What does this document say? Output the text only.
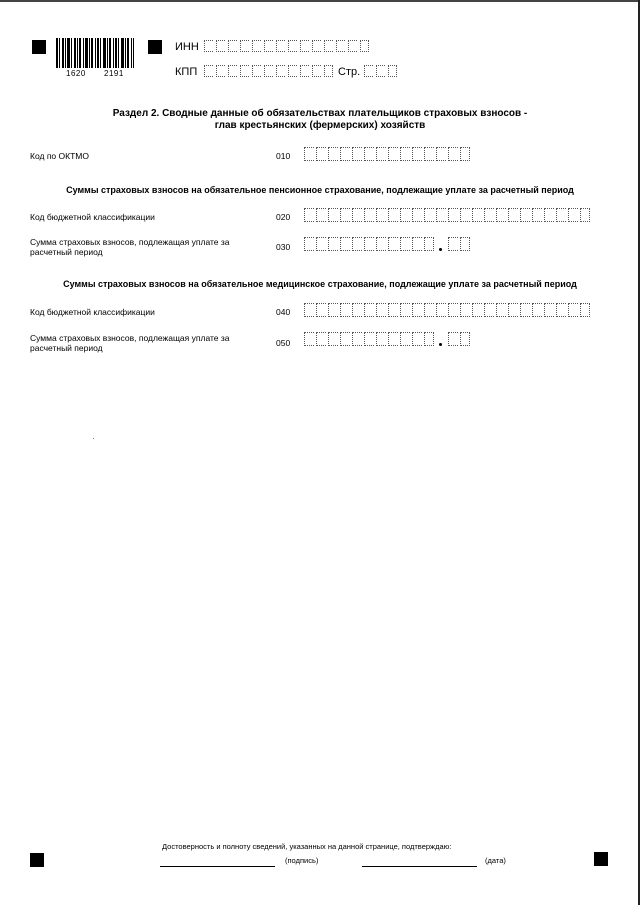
1620 2191
ИНН
КПП	Стр.
Раздел 2. Сводные данные об обязательствах плательщиков страховых взносов -
глав крестьянских (фермерских) хозяйств
Код по ОКТМО	010
Суммы страховых взносов на обязательное пенсионное страхование, подлежащие уплате за расчетный период
Код бюджетной классификации	020
Сумма страховых взносов, подлежащая уплате за расчетный период	030
Суммы страховых взносов на обязательное медицинское страхование, подлежащие уплате за расчетный период
Код бюджетной классификации	040
Сумма страховых взносов, подлежащая уплате за расчетный период	050
Достоверность и полноту сведений, указанных на данной странице, подтверждаю:
(подпись)	(дата)
